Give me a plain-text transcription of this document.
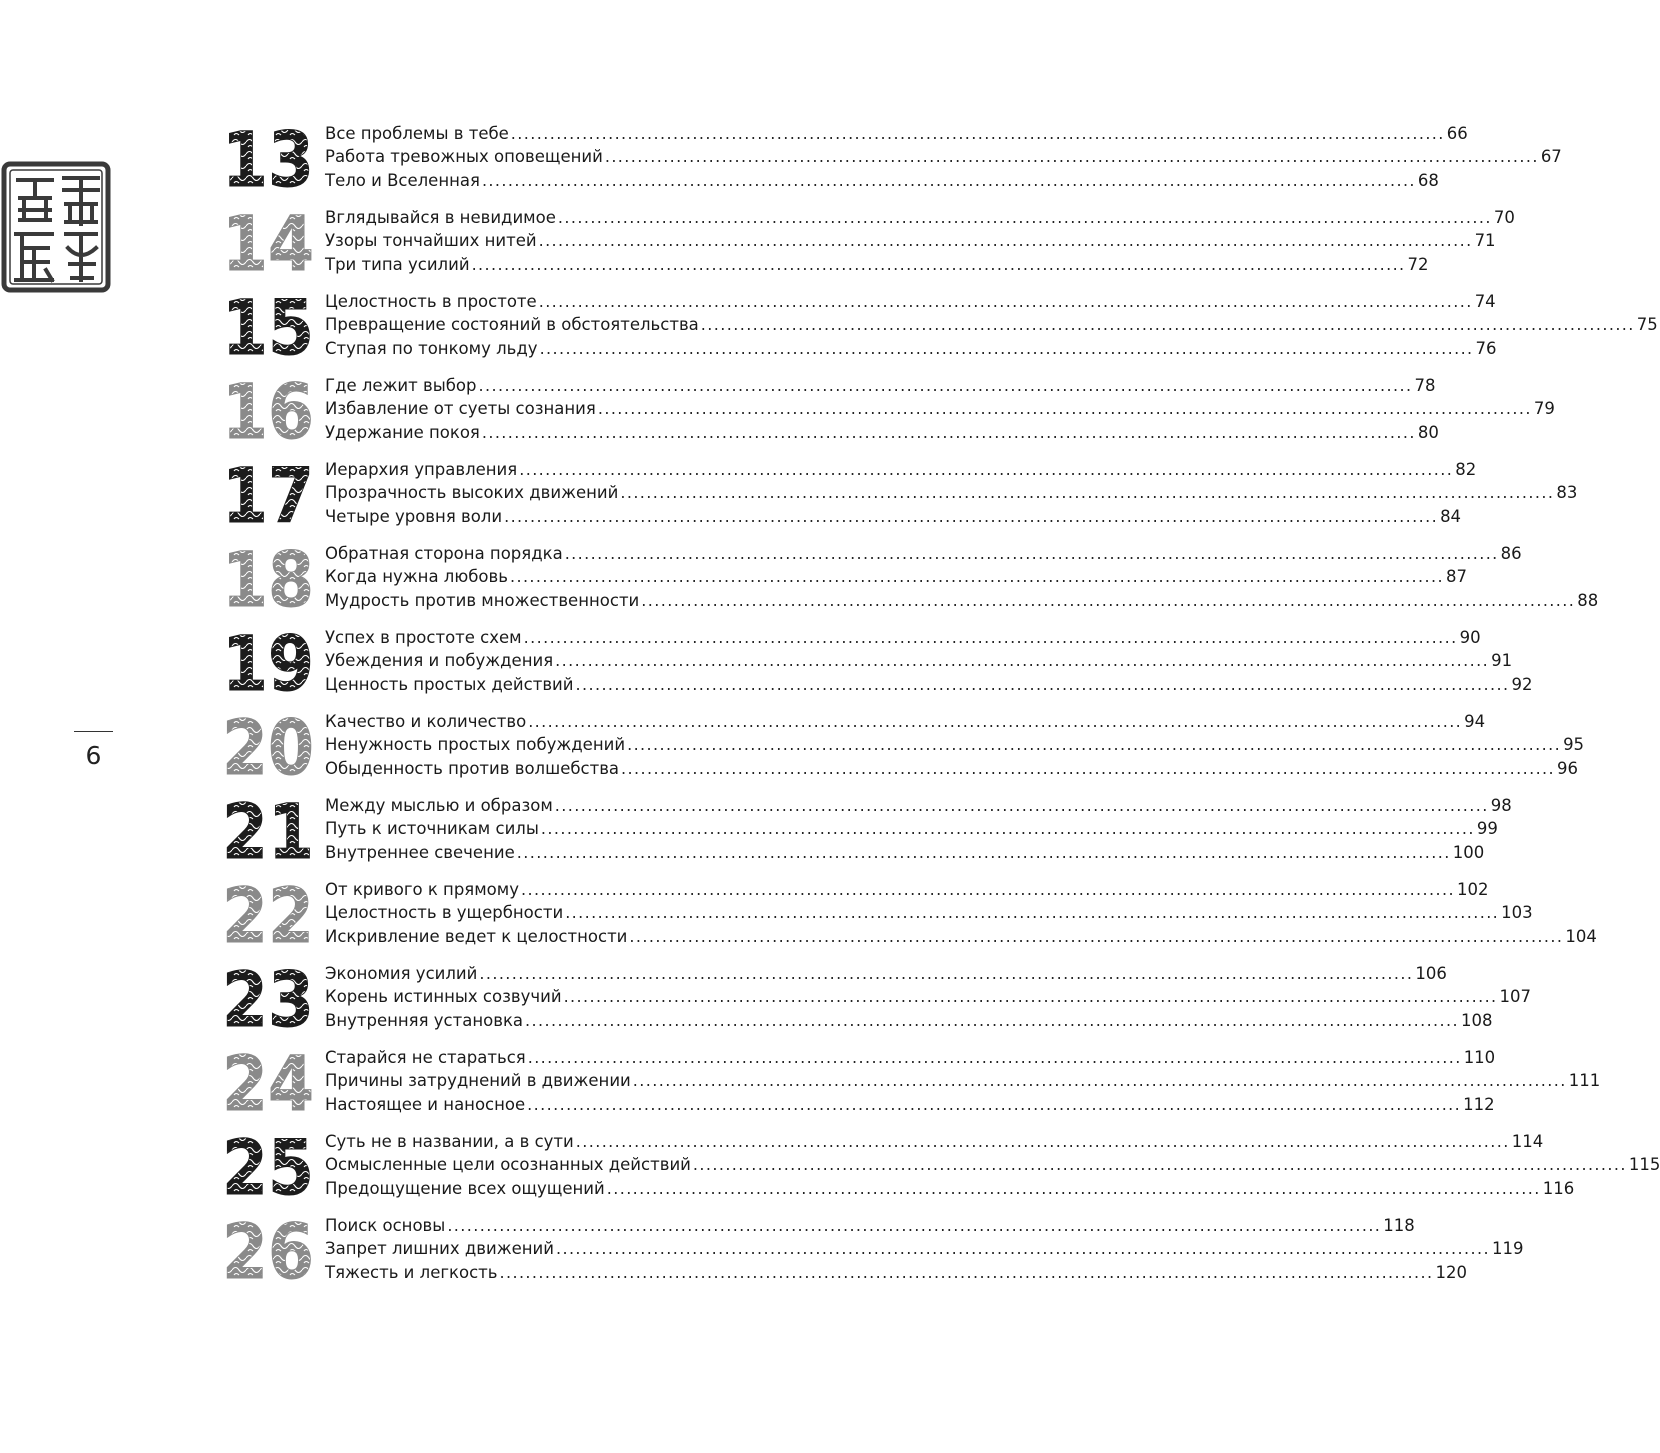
6
13 Все проблемы в тебе .....	66
Работа тревожных оповещений .....	67
Тело и Вселенная .....	68
14 Вглядывайся в невидимое .....	70
Узоры тончайших нитей .....	71
Три типа усилий .....	72
15 Целостность в простоте .....	74
Превращение состояний в обстоятельства .....	75
Ступая по тонкому льду .....	76
16 Где лежит выбор .....	78
Избавление от суеты сознания .....	79
Удержание покоя .....	80
17 Иерархия управления .....	82
Прозрачность высоких движений .....	83
Четыре уровня воли .....	84
18 Обратная сторона порядка .....	86
Когда нужна любовь .....	87
Мудрость против множественности .....	88
19 Успех в простоте схем .....	90
Убеждения и побуждения .....	91
Ценность простых действий .....	92
20 Качество и количество .....	94
Ненужность простых побуждений .....	95
Обыденность против волшебства .....	96
21 Между мыслью и образом .....	98
Путь к источникам силы .....	99
Внутреннее свечение .....	100
22 От кривого к прямому .....	102
Целостность в ущербности .....	103
Искривление ведет к целостности .....	104
23 Экономия усилий .....	106
Корень истинных созвучий .....	107
Внутренняя установка .....	108
24 Старайся не стараться .....	110
Причины затруднений в движении .....	111
Настоящее и наносное .....	112
25 Суть не в названии, а в сути .....	114
Осмысленные цели осознанных действий .....	115
Предощущение всех ощущений .....	116
26 Поиск основы .....	118
Запрет лишних движений .....	119
Тяжесть и легкость .....	120
